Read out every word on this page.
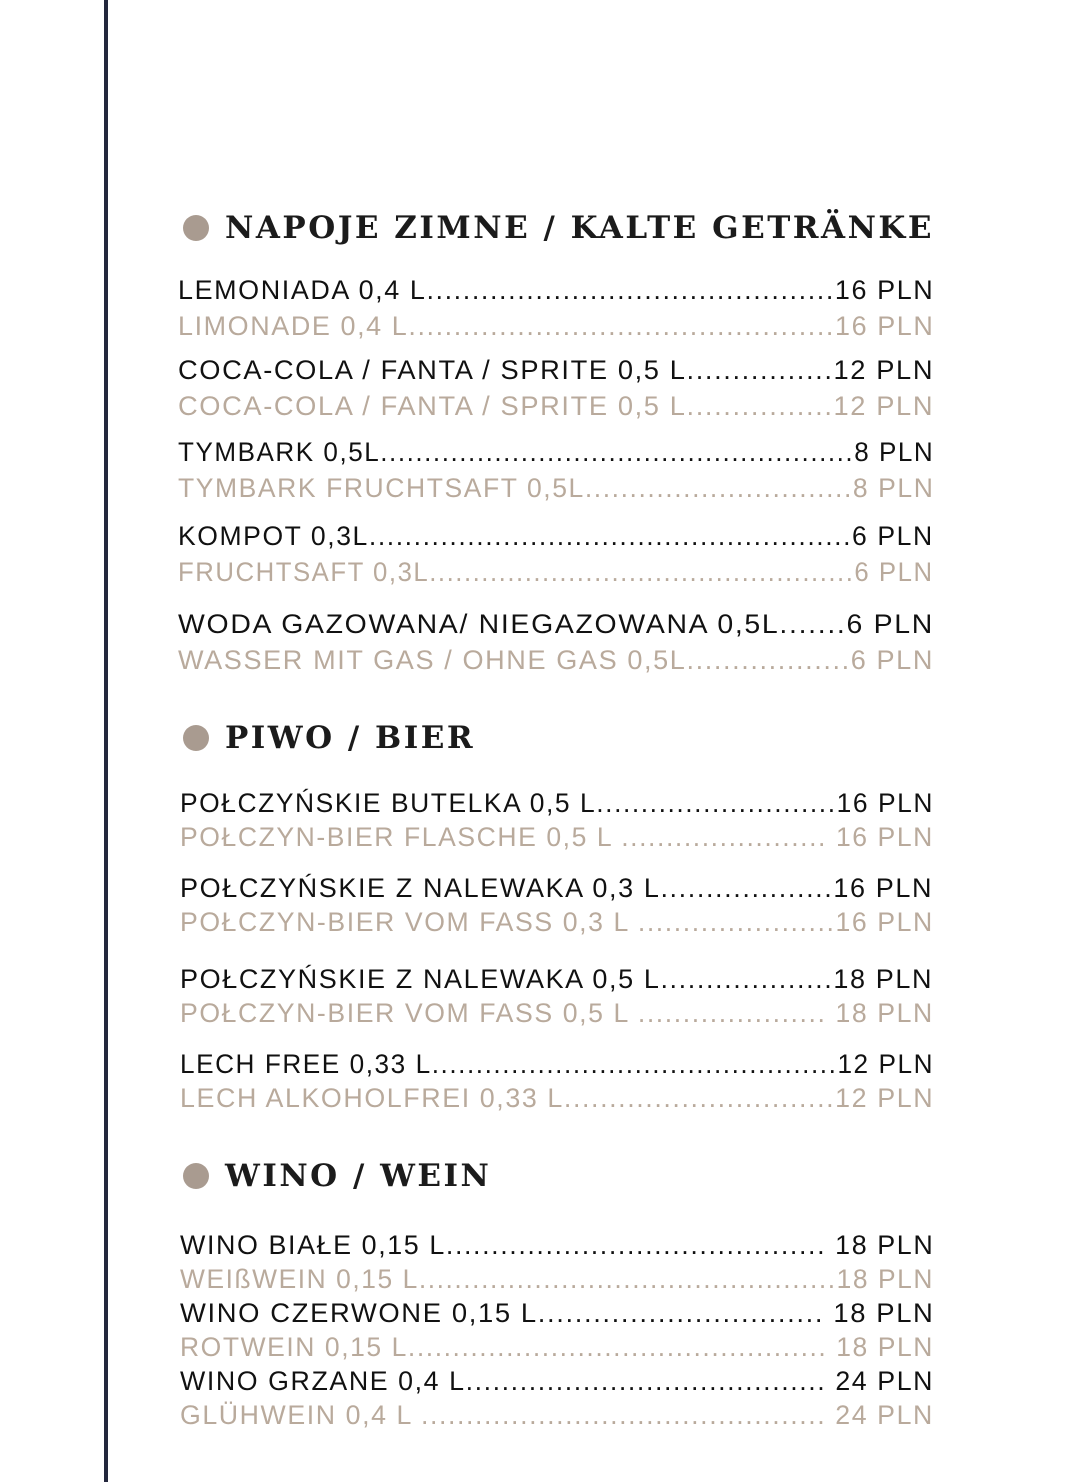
NAPOJE ZIMNE / KALTE GETRÄNKE
LEMONIADA 0,4 L.............................................16 PLN
LIMONADE 0,4 L...............................................16 PLN
COCA-COLA / FANTA / SPRITE 0,5 L................12 PLN
COCA-COLA / FANTA / SPRITE 0,5 L................12 PLN
TYMBARK 0,5L......................................................8 PLN
TYMBARK FRUCHTSAFT 0,5L..............................8 PLN
KOMPOT 0,3L......................................................6 PLN
FRUCHTSAFT 0,3L.................................................6 PLN
WODA GAZOWANA/ NIEGAZOWANA 0,5L.......6 PLN
WASSER MIT GAS / OHNE GAS 0,5L..................6 PLN
PIWO / BIER
POŁCZYŃSKIE BUTELKA 0,5 L...........................16 PLN
POŁCZYN-BIER FLASCHE 0,5 L ....................... 16 PLN
POŁCZYŃSKIE Z NALEWAKA 0,3 L...................16 PLN
POŁCZYN-BIER VOM FASS 0,3 L ......................16 PLN
POŁCZYŃSKIE Z NALEWAKA 0,5 L...................18 PLN
POŁCZYN-BIER VOM FASS 0,5 L ..................... 18 PLN
LECH FREE 0,33 L..............................................12 PLN
LECH ALKOHOLFREI 0,33 L..............................12 PLN
WINO / WEIN
WINO BIAŁE 0,15 L.......................................... 18 PLN
WEIßWEIN 0,15 L...............................................18 PLN
WINO CZERWONE 0,15 L............................... 18 PLN
ROTWEIN 0,15 L............................................... 18 PLN
WINO GRZANE 0,4 L........................................ 24 PLN
GLÜHWEIN 0,4 L ............................................. 24 PLN
